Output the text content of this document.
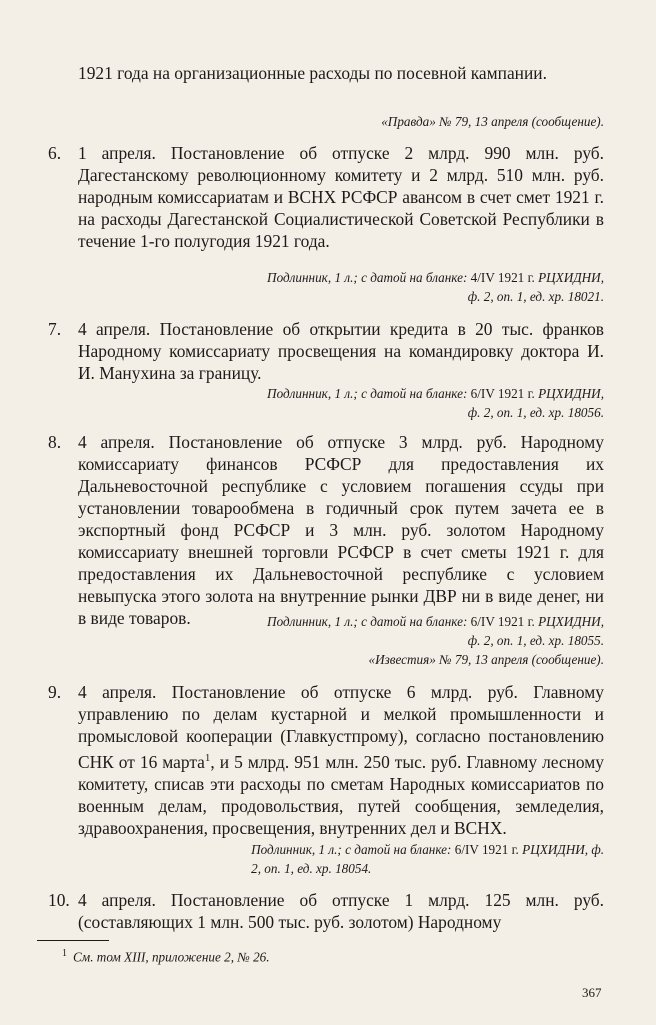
1921 года на организационные расходы по посевной кампании.

«Правда» № 79, 13 апреля (сообщение).
6. 1 апреля. Постановление об отпуске 2 млрд. 990 млн. руб. Дагестанскому революционному комитету и 2 млрд. 510 млн. руб. народным комиссариатам и ВСНХ РСФСР авансом в счет смет 1921 г. на расходы Дагестанской Социалистической Советской Республики в течение 1-го полугодия 1921 года.

Подлинник, 1 л.; с датой на бланке: 4/IV 1921 г. РЦХИДНИ,
ф. 2, оп. 1, ед. хр. 18021.
7. 4 апреля. Постановление об открытии кредита в 20 тыс. франков Народному комиссариату просвещения на командировку доктора И. И. Манухина за границу.

Подлинник, 1 л.; с датой на бланке: 6/IV 1921 г. РЦХИДНИ,
ф. 2, оп. 1, ед. хр. 18056.
8. 4 апреля. Постановление об отпуске 3 млрд. руб. Народному комиссариату финансов РСФСР для предоставления их Дальневосточной республике с условием погашения ссуды при установлении товарообмена в годичный срок путем зачета ее в экспортный фонд РСФСР и 3 млн. руб. золотом Народному комиссариату внешней торговли РСФСР в счет сметы 1921 г. для предоставления их Дальневосточной республике с условием невыпуска этого золота на внутренние рынки ДВР ни в виде денег, ни в виде товаров.	Подлинник, 1 л.; с датой на бланке: 6/IV 1921 г. РЦХИДНИ,
ф. 2, оп. 1, ед. хр. 18055.
«Известия» № 79, 13 апреля (сообщение).
9. 4 апреля. Постановление об отпуске 6 млрд. руб. Главному управлению по делам кустарной и мелкой промышленности и промысловой кооперации (Главкустпрому), согласно постановлению СНК от 16 марта$^1$, и 5 млрд. 951 млн. 250 тыс. руб. Главному лесному комитету, списав эти расходы по сметам Народных комиссариатов по военным делам, продовольствия, путей сообщения, земледелия, здравоохранения, просвещения, внутренних дел и ВСНХ.

Подлинник, 1 л.; с датой на бланке: 6/IV 1921 г. РЦХИДНИ, ф.
2, оп. 1, ед. хр. 18054.
10. 4 апреля. Постановление об отпуске 1 млрд. 125 млн. руб. (составляющих 1 млн. 500 тыс. руб. золотом) Народному

$^1$ См. том XIII, приложение 2, № 26.
367
